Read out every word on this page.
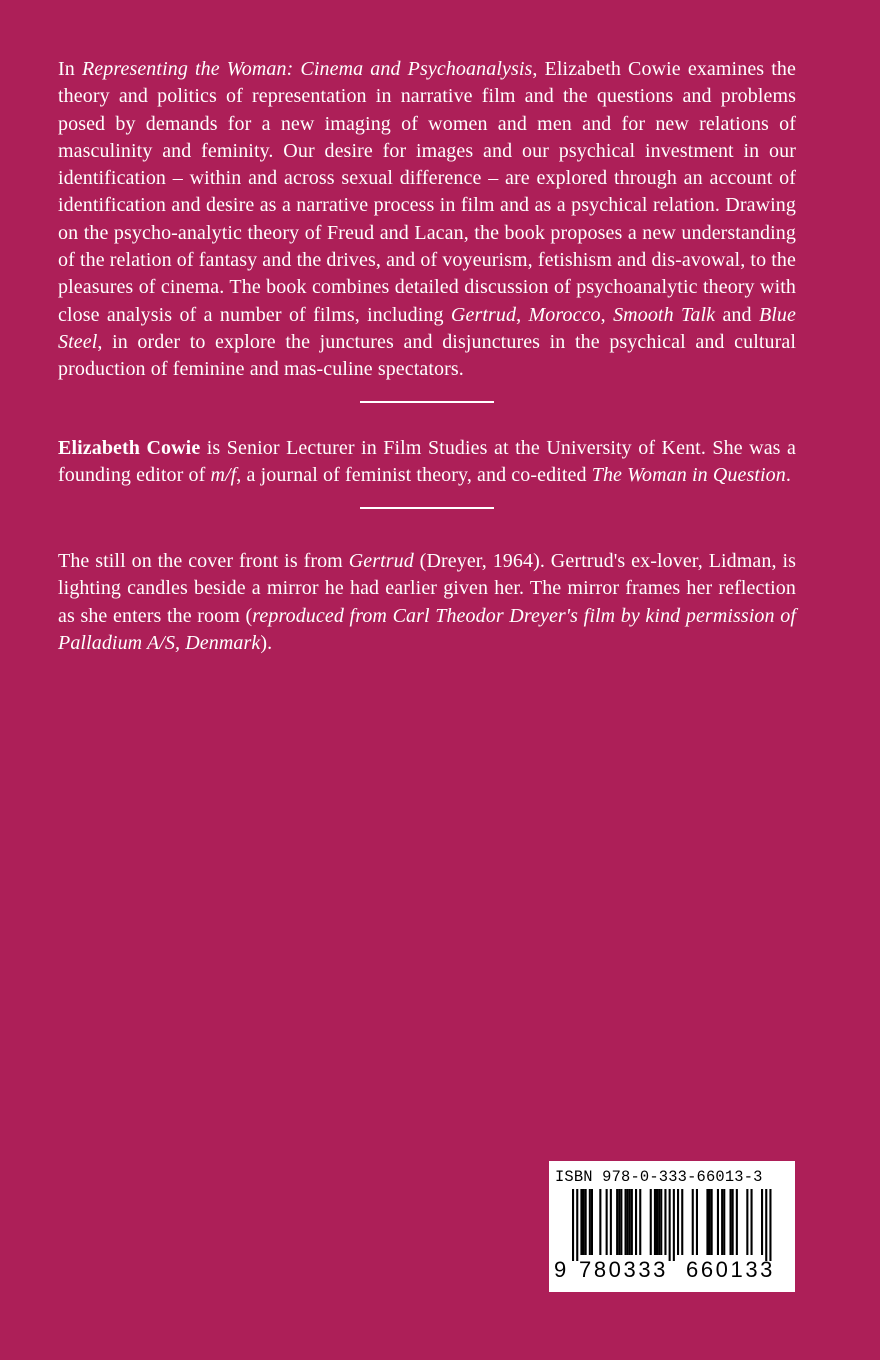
In Representing the Woman: Cinema and Psychoanalysis, Elizabeth Cowie examines the theory and politics of representation in narrative film and the questions and problems posed by demands for a new imaging of women and men and for new relations of masculinity and feminity. Our desire for images and our psychical investment in our identification – within and across sexual difference – are explored through an account of identification and desire as a narrative process in film and as a psychical relation. Drawing on the psycho-analytic theory of Freud and Lacan, the book proposes a new understanding of the relation of fantasy and the drives, and of voyeurism, fetishism and dis-avowal, to the pleasures of cinema. The book combines detailed discussion of psychoanalytic theory with close analysis of a number of films, including Gertrud, Morocco, Smooth Talk and Blue Steel, in order to explore the junctures and disjunctures in the psychical and cultural production of feminine and mas-culine spectators.

Elizabeth Cowie is Senior Lecturer in Film Studies at the University of Kent. She was a founding editor of m/f, a journal of feminist theory, and co-edited The Woman in Question.

The still on the cover front is from Gertrud (Dreyer, 1964). Gertrud's ex-lover, Lidman, is lighting candles beside a mirror he had earlier given her. The mirror frames her reflection as she enters the room (reproduced from Carl Theodor Dreyer's film by kind permission of Palladium A/S, Denmark).

ISBN 978-0-333-66013-3
9 780333 660133
